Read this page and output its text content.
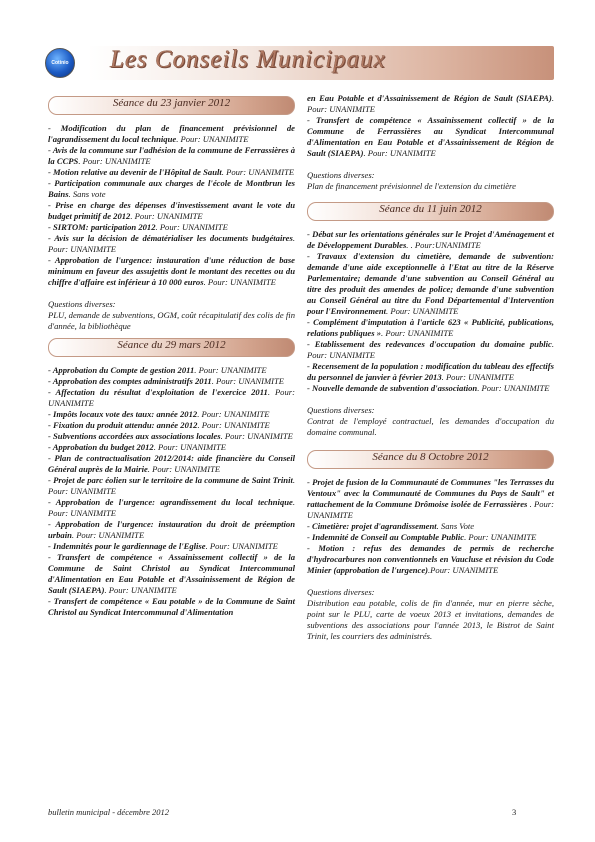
Cotinio Les Conseils Municipaux
Séance du 23 janvier 2012

- Modification du plan de financement prévisionnel de l'agrandissement du local technique. Pour: UNANIMITE

- Avis de la commune sur l'adhésion de la commune de Ferrassières à la CCPS. Pour: UNANIMITE

- Motion relative au devenir de l'Hôpital de Sault. Pour: UNANIMITE

- Participation communale aux charges de l'école de Montbrun les Bains. Sans vote

- Prise en charge des dépenses d'investissement avant le vote du budget primitif de 2012. Pour: UNANIMITE

- SIRTOM: participation 2012. Pour: UNANIMITE

- Avis sur la décision de dématérialiser les documents budgétaires. Pour: UNANIMITE

- Approbation de l'urgence: instauration d'une réduction de base minimum en faveur des assujettis dont le montant des recettes ou du chiffre d'affaire est inférieur à 10 000 euros. Pour: UNANIMITE

Questions diverses:

PLU, demande de subventions, OGM, coût récapitulatif des colis de fin d'année, la bibliothèque

Séance du 29 mars 2012

- Approbation du Compte de gestion 2011. Pour: UNANIMITE

- Approbation des comptes administratifs 2011. Pour: UNANIMITE

- Affectation du résultat d'exploitation de l'exercice 2011. Pour: UNANIMITE

- Impôts locaux vote des taux: année 2012. Pour: UNANIMITE

- Fixation du produit attendu: année 2012. Pour: UNANIMITE

- Subventions accordées aux associations locales. Pour: UNANIMITE

- Approbation du budget 2012. Pour: UNANIMITE

- Plan de contractualisation 2012/2014: aide financière du Conseil Général auprès de la Mairie. Pour: UNANIMITE

- Projet de parc éolien sur le territoire de la commune de Saint Trinit. Pour: UNANIMITE

- Approbation de l'urgence: agrandissement du local technique. Pour: UNANIMITE

- Approbation de l'urgence: instauration du droit de préemption urbain. Pour: UNANIMITE

- Indemnités pour le gardiennage de l'Eglise. Pour: UNANIMITE

- Transfert de compétence « Assainissement collectif » de la Commune de Saint Christol au Syndicat Intercommunal d'Alimentation en Eau Potable et d'Assainissement de Région de Sault (SIAEPA). Pour: UNANIMITE

- Transfert de compétence « Eau potable » de la Commune de Saint Christol au Syndicat Intercommunal d'Alimentation

en Eau Potable et d'Assainissement de Région de Sault (SIAEPA). Pour: UNANIMITE

- Transfert de compétence « Assainissement collectif » de la Commune de Ferrassières au Syndicat Intercommunal d'Alimentation en Eau Potable et d'Assainissement de Région de Sault (SIAEPA). Pour: UNANIMITE

Questions diverses:

Plan de financement prévisionnel de l'extension du cimetière

Séance du 11 juin 2012

- Débat sur les orientations générales sur le Projet d'Aménagement et de Développement Durables. . Pour:UNANIMITE

- Travaux d'extension du cimetière, demande de subvention: demande d'une aide exceptionnelle à l'Etat au titre de la Réserve Parlementaire; demande d'une subvention au Conseil Général au titre des produit des amendes de police; demande d'une subvention au Conseil Général au titre du Fond Départemental d'Intervention pour l'Environnement. Pour: UNANIMITE

- Complément d'imputation à l'article 623 « Publicité, publications, relations publiques ». Pour: UNANIMITE

- Etablissement des redevances d'occupation du domaine public. Pour: UNANIMITE

- Recensement de la population : modification du tableau des effectifs du personnel de janvier à février 2013. Pour: UNANIMITE

- Nouvelle demande de subvention d'association. Pour: UNANIMITE

Questions diverses:

Contrat de l'employé contractuel, les demandes d'occupation du domaine communal.

Séance du 8 Octobre 2012

- Projet de fusion de la Communauté de Communes "les Terrasses du Ventoux" avec la Communauté de Communes du Pays de Sault" et rattachement de la Commune Drômoise isolée de Ferrassières . Pour: UNANIMITE

- Cimetière: projet d'agrandissement. Sans Vote

- Indemnité de Conseil au Comptable Public. Pour: UNANIMITE

- Motion : refus des demandes de permis de recherche d'hydrocarbures non conventionnels en Vaucluse et révision du Code Minier (approbation de l'urgence).Pour: UNANIMITE

Questions diverses:

Distribution eau potable, colis de fin d'année, mur en pierre sèche, point sur le PLU, carte de voeux 2013 et invitations, demandes de subventions des associations pour l'année 2013, le Bistrot de Saint Trinit, les courriers des administrés.

bulletin municipal - décembre 2012	3
